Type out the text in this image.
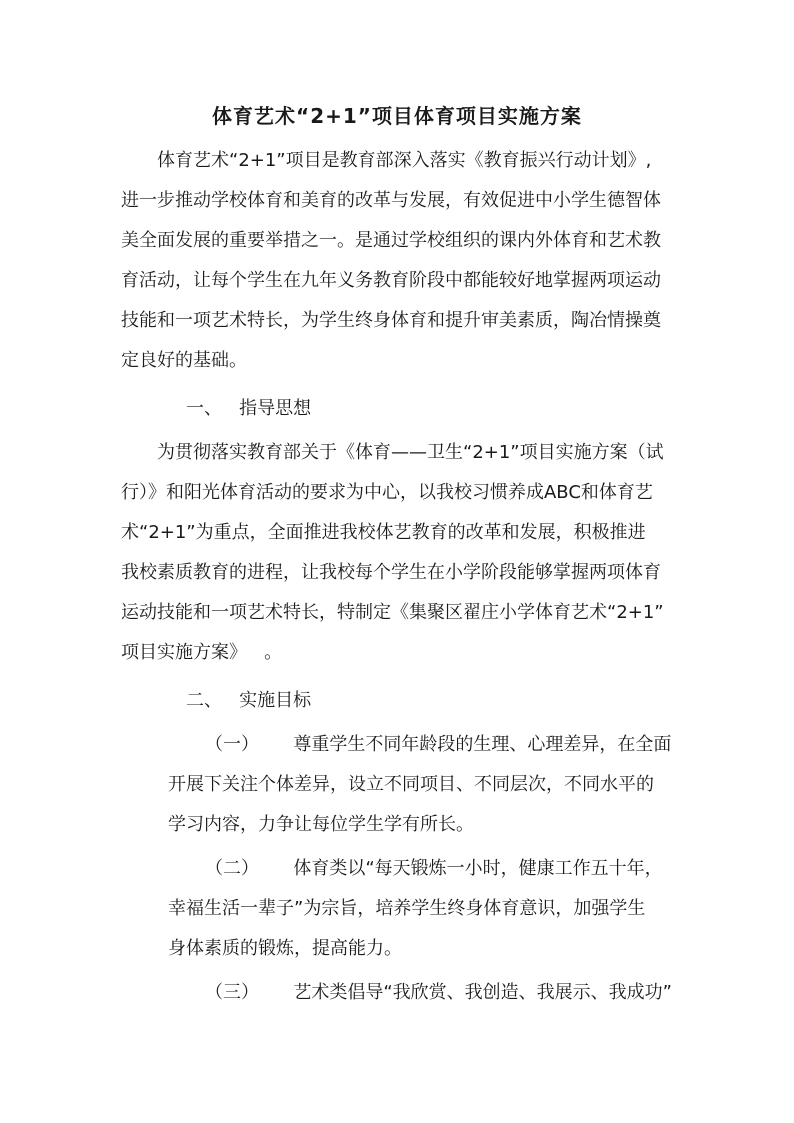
体育艺术“2+1”项目体育项目实施方案
体育艺术“2+1”项目是教育部深入落实《教育振兴行动计划》,
进一步推动学校体育和美育的改革与发展，有效促进中小学生德智体
美全面发展的重要举措之一。是通过学校组织的课内外体育和艺术教
育活动，让每个学生在九年义务教育阶段中都能较好地掌握两项运动
技能和一项艺术特长，为学生终身体育和提升审美素质，陶冶情操奠
定良好的基础。
一、   指导思想
为贯彻落实教育部关于《体育——卫生“2+1”项目实施方案（试
行）》和阳光体育活动的要求为中心，以我校习惯养成ABC和体育艺
术“2+1”为重点，全面推进我校体艺教育的改革和发展，积极推进
我校素质教育的进程，让我校每个学生在小学阶段能够掌握两项体育
运动技能和一项艺术特长，特制定《集聚区翟庄小学体育艺术“2+1”
项目实施方案》   。
二、   实施目标
（一）      尊重学生不同年龄段的生理、心理差异，在全面
开展下关注个体差异，设立不同项目、不同层次，不同水平的
学习内容，力争让每位学生学有所长。
（二）      体育类以“每天锻炼一小时，健康工作五十年，
幸福生活一辈子”为宗旨，培养学生终身体育意识，加强学生
身体素质的锻炼，提高能力。
（三）      艺术类倡导“我欣赏、我创造、我展示、我成功”
